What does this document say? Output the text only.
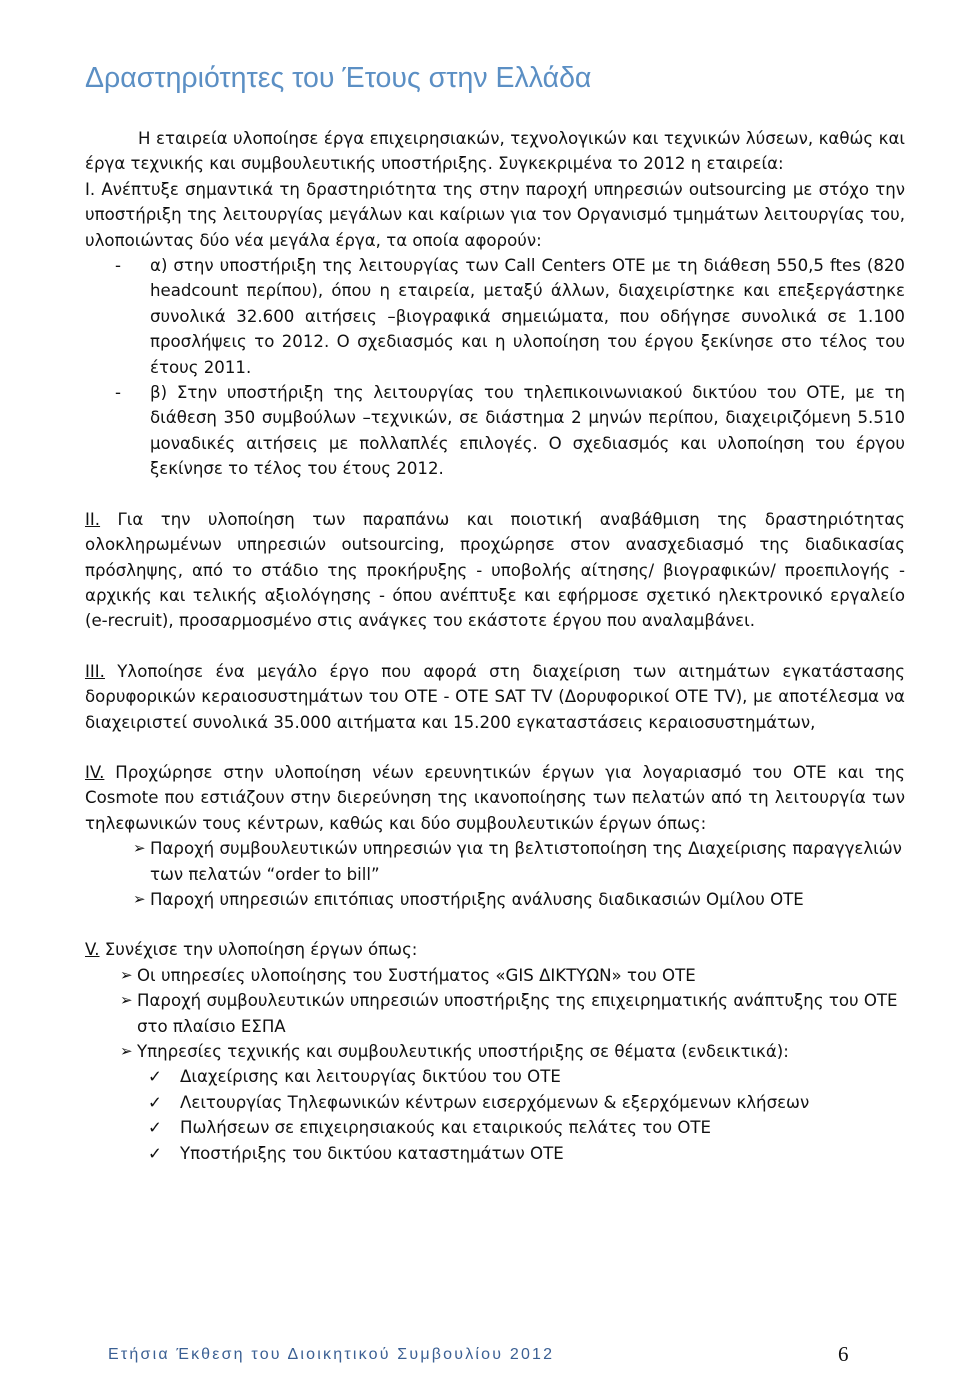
Δραστηριότητες του Έτους στην Ελλάδα

Η εταιρεία υλοποίησε έργα επιχειρησιακών, τεχνολογικών και τεχνικών λύσεων, καθώς και έργα τεχνικής και συμβουλευτικής υποστήριξης. Συγκεκριμένα το 2012 η εταιρεία:

I. Ανέπτυξε σημαντικά τη δραστηριότητα της στην παροχή υπηρεσιών outsourcing με στόχο την υποστήριξη της λειτουργίας μεγάλων και καίριων για τον Οργανισμό τμημάτων λειτουργίας του, υλοποιώντας δύο νέα μεγάλα έργα, τα οποία αφορούν:

- α) στην υποστήριξη της λειτουργίας των Call Centers ΟΤΕ με τη διάθεση 550,5 ftes (820 headcount περίπου), όπου η εταιρεία, μεταξύ άλλων, διαχειρίστηκε και επεξεργάστηκε συνολικά 32.600 αιτήσεις –βιογραφικά σημειώματα, που οδήγησε συνολικά σε 1.100 προσλήψεις το 2012. Ο σχεδιασμός και η υλοποίηση του έργου ξεκίνησε στο τέλος του έτους 2011.

- β) Στην υποστήριξη της λειτουργίας του τηλεπικοινωνιακού δικτύου του ΟΤΕ, με τη διάθεση 350 συμβούλων –τεχνικών, σε διάστημα 2 μηνών περίπου, διαχειριζόμενη 5.510 μοναδικές αιτήσεις με πολλαπλές επιλογές. Ο σχεδιασμός και υλοποίηση του έργου ξεκίνησε το τέλος του έτους 2012.

II. Για την υλοποίηση των παραπάνω και ποιοτική αναβάθμιση της δραστηριότητας ολοκληρωμένων υπηρεσιών outsourcing, προχώρησε στον ανασχεδιασμό της διαδικασίας πρόσληψης, από το στάδιο της προκήρυξης - υποβολής αίτησης/ βιογραφικών/ προεπιλογής - αρχικής και τελικής αξιολόγησης - όπου ανέπτυξε και εφήρμοσε σχετικό ηλεκτρονικό εργαλείο (e-recruit), προσαρμοσμένο στις ανάγκες του εκάστοτε έργου που αναλαμβάνει.

III. Υλοποίησε ένα μεγάλο έργο που αφορά στη διαχείριση των αιτημάτων εγκατάστασης δορυφορικών κεραιοσυστημάτων του ΟΤΕ - ΟΤΕ SAT TV (Δορυφορικοί ΟΤΕ TV), με αποτέλεσμα να διαχειριστεί συνολικά 35.000 αιτήματα και 15.200 εγκαταστάσεις κεραιοσυστημάτων,

IV. Προχώρησε στην υλοποίηση νέων ερευνητικών έργων για λογαριασμό του ΟΤΕ και της Cosmote που εστιάζουν στην διερεύνηση της ικανοποίησης των πελατών από τη λειτουργία των τηλεφωνικών τους κέντρων, καθώς και δύο συμβουλευτικών έργων όπως:

➢ Παροχή συμβουλευτικών υπηρεσιών για τη βελτιστοποίηση της Διαχείρισης παραγγελιών των πελατών “order to bill”

➢ Παροχή υπηρεσιών επιτόπιας υποστήριξης ανάλυσης διαδικασιών Ομίλου ΟΤΕ

V. Συνέχισε την υλοποίηση έργων όπως:

➢ Οι υπηρεσίες υλοποίησης του Συστήματος «GIS ΔΙΚΤΥΩΝ» του ΟΤΕ

➢ Παροχή συμβουλευτικών υπηρεσιών υποστήριξης της επιχειρηματικής ανάπτυξης του ΟΤΕ στο πλαίσιο ΕΣΠΑ

➢ Υπηρεσίες τεχνικής και συμβουλευτικής υποστήριξης σε θέματα (ενδεικτικά):

✓ Διαχείρισης και λειτουργίας δικτύου του ΟΤΕ

✓ Λειτουργίας Τηλεφωνικών κέντρων εισερχόμενων & εξερχόμενων κλήσεων

✓ Πωλήσεων σε επιχειρησιακούς και εταιρικούς πελάτες του ΟΤΕ

✓ Υποστήριξης του δικτύου καταστημάτων ΟΤΕ

Ετήσια Έκθεση του Διοικητικού Συμβουλίου 2012	6
